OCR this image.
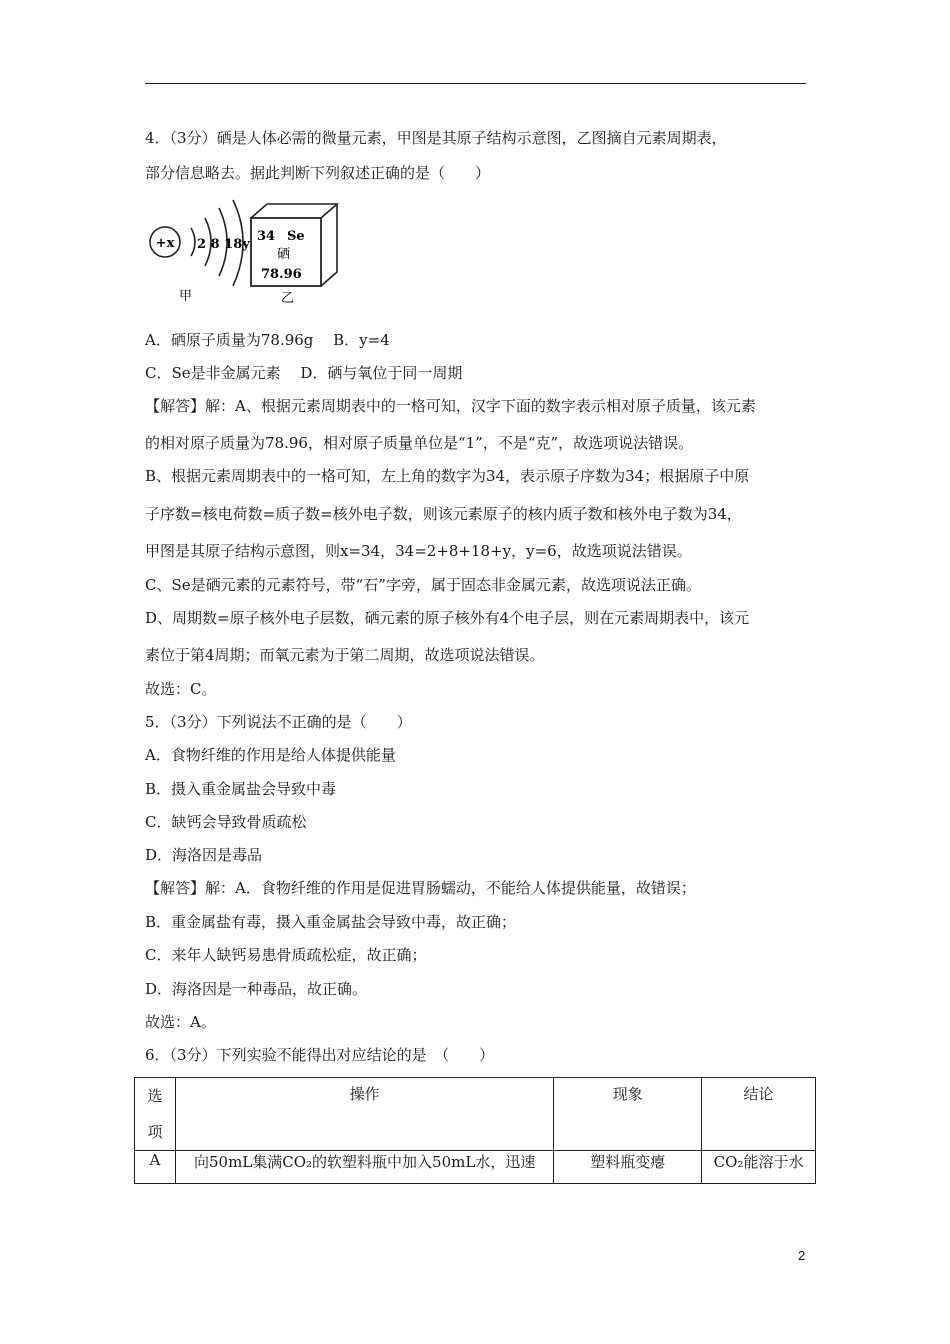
4．（3分）硒是人体必需的微量元素，甲图是其原子结构示意图，乙图摘自元素周期表，
部分信息略去。据此判断下列叙述正确的是（　　）
+x 2 8 18y
甲
34 Se
硒
78.96
乙
A．硒原子质量为78.96g　 B．y=4
C．Se是非金属元素　 D．硒与氧位于同一周期
【解答】解：A、根据元素周期表中的一格可知，汉字下面的数字表示相对原子质量，该元素
的相对原子质量为78.96，相对原子质量单位是“1”，不是“克”，故选项说法错误。
B、根据元素周期表中的一格可知，左上角的数字为34，表示原子序数为34；根据原子中原
子序数=核电荷数=质子数=核外电子数，则该元素原子的核内质子数和核外电子数为34，
甲图是其原子结构示意图，则x=34，34=2+8+18+y，y=6，故选项说法错误。
C、Se是硒元素的元素符号，带“石”字旁，属于固态非金属元素，故选项说法正确。
D、周期数=原子核外电子层数，硒元素的原子核外有4个电子层，则在元素周期表中，该元
素位于第4周期；而氧元素为于第二周期，故选项说法错误。
故选：C。
5．（3分）下列说法不正确的是（　　）
A．食物纤维的作用是给人体提供能量
B．摄入重金属盐会导致中毒
C．缺钙会导致骨质疏松
D．海洛因是毒品
【解答】解：A．食物纤维的作用是促进胃肠蠕动，不能给人体提供能量，故错误；
B．重金属盐有毒，摄入重金属盐会导致中毒，故正确；
C．来年人缺钙易患骨质疏松症，故正确；
D．海洛因是一种毒品，故正确。
故选：A。
6．（3分）下列实验不能得出对应结论的是　（　　）
选
项	操作	现象	结论

A	向50mL集满CO₂的软塑料瓶中加入50mL水，迅速	塑料瓶变瘪	CO₂能溶于水
2
